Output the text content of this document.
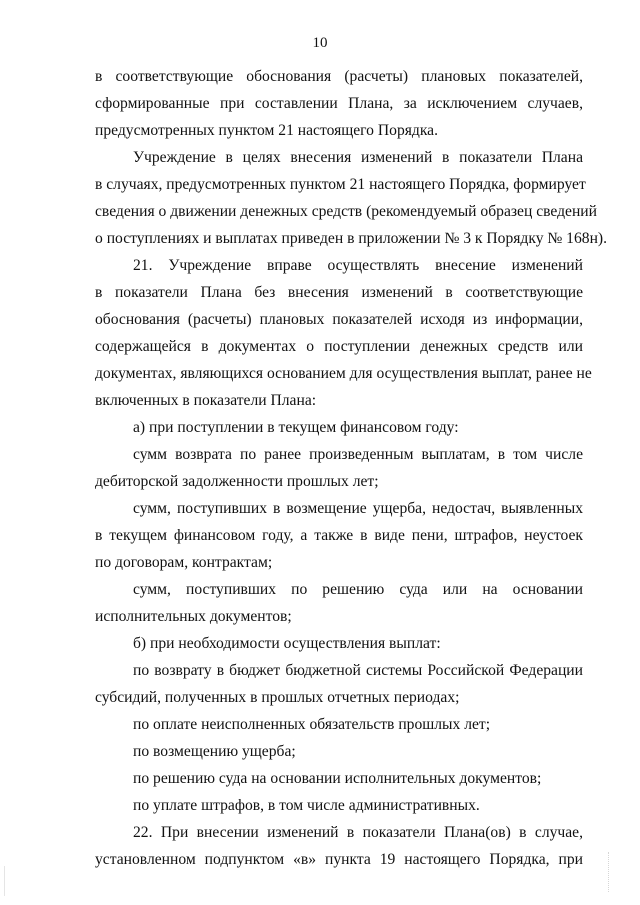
10
в соответствующие обоснования (расчеты) плановых показателей,
сформированные при составлении Плана, за исключением случаев,
предусмотренных пунктом 21 настоящего Порядка.
Учреждение в целях внесения изменений в показатели Плана
в случаях, предусмотренных пунктом 21 настоящего Порядка, формирует
сведения о движении денежных средств (рекомендуемый образец сведений
о поступлениях и выплатах приведен в приложении № 3 к Порядку № 168н).
21. Учреждение вправе осуществлять внесение изменений
в показатели Плана без внесения изменений в соответствующие
обоснования (расчеты) плановых показателей исходя из информации,
содержащейся в документах о поступлении денежных средств или
документах, являющихся основанием для осуществления выплат, ранее не
включенных в показатели Плана:
а) при поступлении в текущем финансовом году:
сумм возврата по ранее произведенным выплатам, в том числе
дебиторской задолженности прошлых лет;
сумм, поступивших в возмещение ущерба, недостач, выявленных
в текущем финансовом году, а также в виде пени, штрафов, неустоек
по договорам, контрактам;
сумм, поступивших по решению суда или на основании
исполнительных документов;
б) при необходимости осуществления выплат:
по возврату в бюджет бюджетной системы Российской Федерации
субсидий, полученных в прошлых отчетных периодах;
по оплате неисполненных обязательств прошлых лет;
по возмещению ущерба;
по решению суда на основании исполнительных документов;
по уплате штрафов, в том числе административных.
22. При внесении изменений в показатели Плана(ов) в случае,
установленном подпунктом «в» пункта 19 настоящего Порядка, при
